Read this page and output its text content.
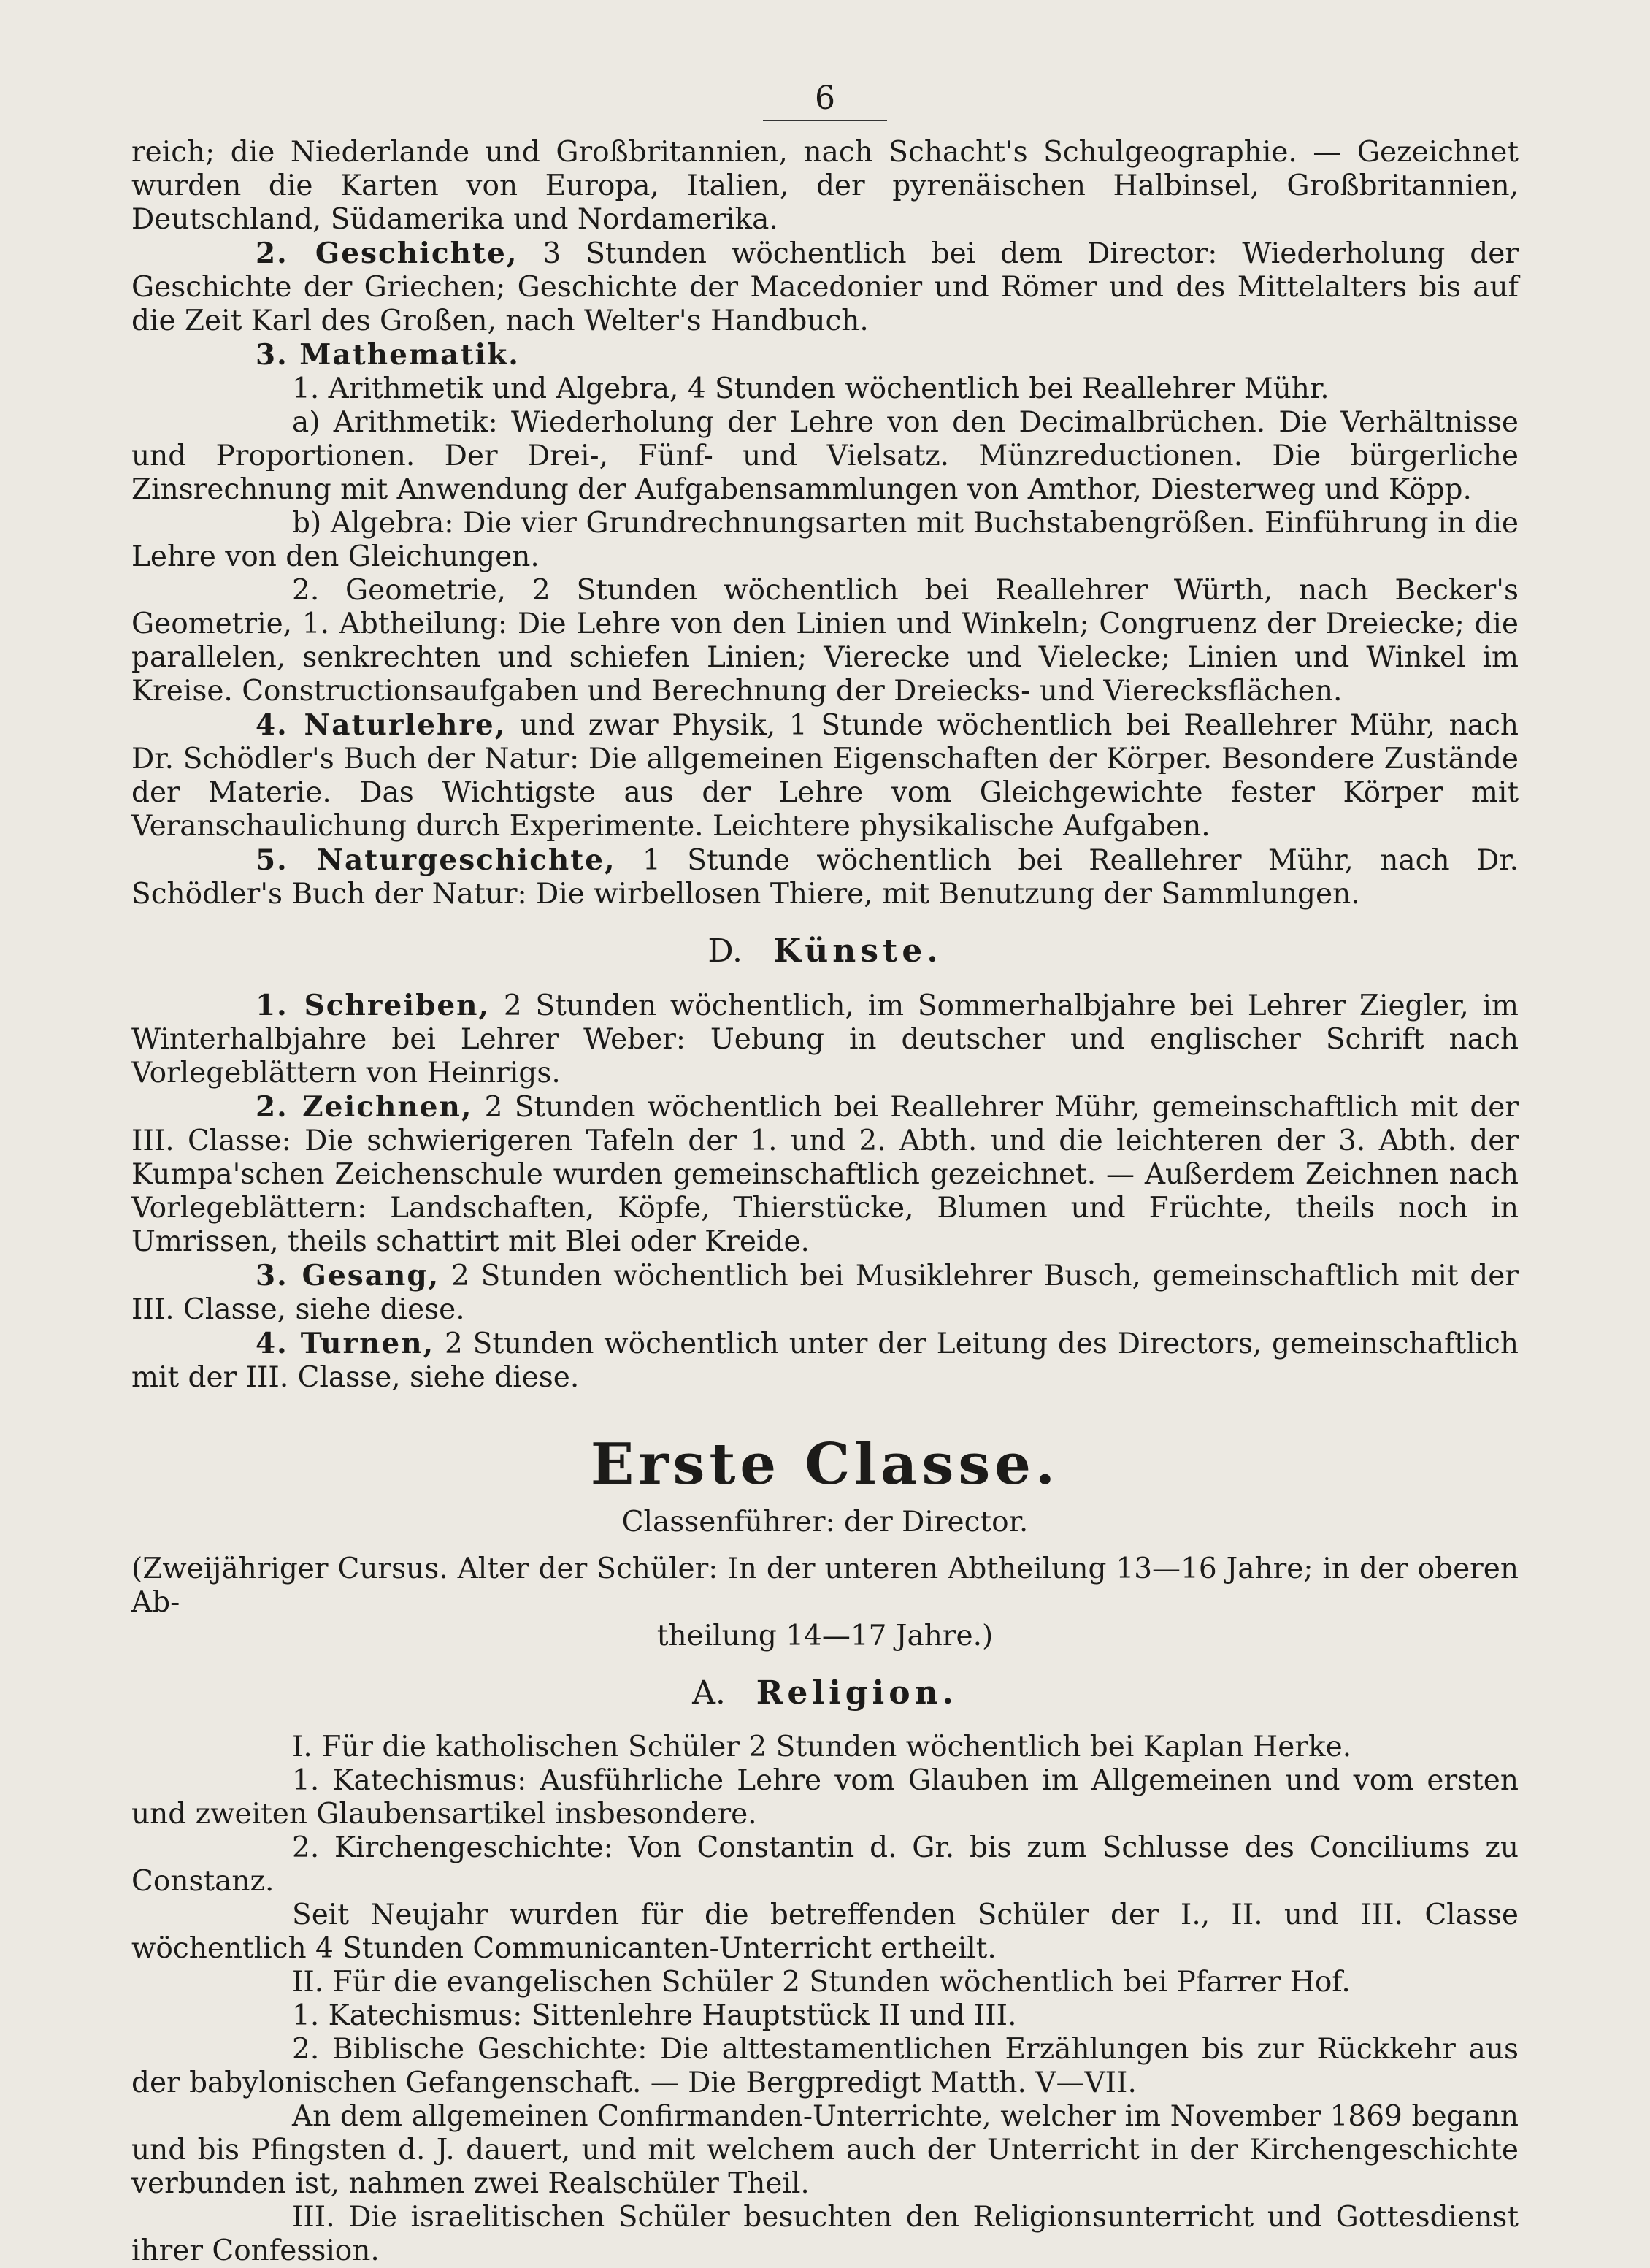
6

reich; die Niederlande und Großbritannien, nach Schacht's Schulgeographie. — Gezeichnet wurden die Karten von Europa, Italien, der pyrenäischen Halbinsel, Großbritannien, Deutschland, Südamerika und Nordamerika.

2. Geschichte, 3 Stunden wöchentlich bei dem Director: Wiederholung der Geschichte der Griechen; Geschichte der Macedonier und Römer und des Mittelalters bis auf die Zeit Karl des Großen, nach Welter's Handbuch.

3. Mathematik.

1. Arithmetik und Algebra, 4 Stunden wöchentlich bei Reallehrer Mühr.

a) Arithmetik: Wiederholung der Lehre von den Decimalbrüchen. Die Verhältnisse und Proportionen. Der Drei-, Fünf- und Vielsatz. Münzreductionen. Die bürgerliche Zinsrechnung mit Anwendung der Aufgabensammlungen von Amthor, Diesterweg und Köpp.

b) Algebra: Die vier Grundrechnungsarten mit Buchstabengrößen. Einführung in die Lehre von den Gleichungen.

2. Geometrie, 2 Stunden wöchentlich bei Reallehrer Würth, nach Becker's Geometrie, 1. Abtheilung: Die Lehre von den Linien und Winkeln; Congruenz der Dreiecke; die parallelen, senkrechten und schiefen Linien; Vierecke und Vielecke; Linien und Winkel im Kreise. Constructionsaufgaben und Berechnung der Dreiecks- und Vierecksflächen.

4. Naturlehre, und zwar Physik, 1 Stunde wöchentlich bei Reallehrer Mühr, nach Dr. Schödler's Buch der Natur: Die allgemeinen Eigenschaften der Körper. Besondere Zustände der Materie. Das Wichtigste aus der Lehre vom Gleichgewichte fester Körper mit Veranschaulichung durch Experimente. Leichtere physikalische Aufgaben.

5. Naturgeschichte, 1 Stunde wöchentlich bei Reallehrer Mühr, nach Dr. Schödler's Buch der Natur: Die wirbellosen Thiere, mit Benutzung der Sammlungen.

D. Künste.

1. Schreiben, 2 Stunden wöchentlich, im Sommerhalbjahre bei Lehrer Ziegler, im Winterhalbjahre bei Lehrer Weber: Uebung in deutscher und englischer Schrift nach Vorlegeblättern von Heinrigs.

2. Zeichnen, 2 Stunden wöchentlich bei Reallehrer Mühr, gemeinschaftlich mit der III. Classe: Die schwierigeren Tafeln der 1. und 2. Abth. und die leichteren der 3. Abth. der Kumpa'schen Zeichenschule wurden gemeinschaftlich gezeichnet. — Außerdem Zeichnen nach Vorlegeblättern: Landschaften, Köpfe, Thierstücke, Blumen und Früchte, theils noch in Umrissen, theils schattirt mit Blei oder Kreide.

3. Gesang, 2 Stunden wöchentlich bei Musiklehrer Busch, gemeinschaftlich mit der III. Classe, siehe diese.

4. Turnen, 2 Stunden wöchentlich unter der Leitung des Directors, gemeinschaftlich mit der III. Classe, siehe diese.

Erste Classe.
Classenführer: der Director.

(Zweijähriger Cursus. Alter der Schüler: In der unteren Abtheilung 13—16 Jahre; in der oberen Ab-

theilung 14—17 Jahre.)

A. Religion.

I. Für die katholischen Schüler 2 Stunden wöchentlich bei Kaplan Herke.

1. Katechismus: Ausführliche Lehre vom Glauben im Allgemeinen und vom ersten und zweiten Glaubensartikel insbesondere.

2. Kirchengeschichte: Von Constantin d. Gr. bis zum Schlusse des Conciliums zu Constanz.

Seit Neujahr wurden für die betreffenden Schüler der I., II. und III. Classe wöchentlich 4 Stunden Communicanten-Unterricht ertheilt.

II. Für die evangelischen Schüler 2 Stunden wöchentlich bei Pfarrer Hof.

1. Katechismus: Sittenlehre Hauptstück II und III.

2. Biblische Geschichte: Die alttestamentlichen Erzählungen bis zur Rückkehr aus der babylonischen Gefangenschaft. — Die Bergpredigt Matth. V—VII.

An dem allgemeinen Confirmanden-Unterrichte, welcher im November 1869 begann und bis Pfingsten d. J. dauert, und mit welchem auch der Unterricht in der Kirchengeschichte verbunden ist, nahmen zwei Realschüler Theil.

III. Die israelitischen Schüler besuchten den Religionsunterricht und Gottesdienst ihrer Confession.
